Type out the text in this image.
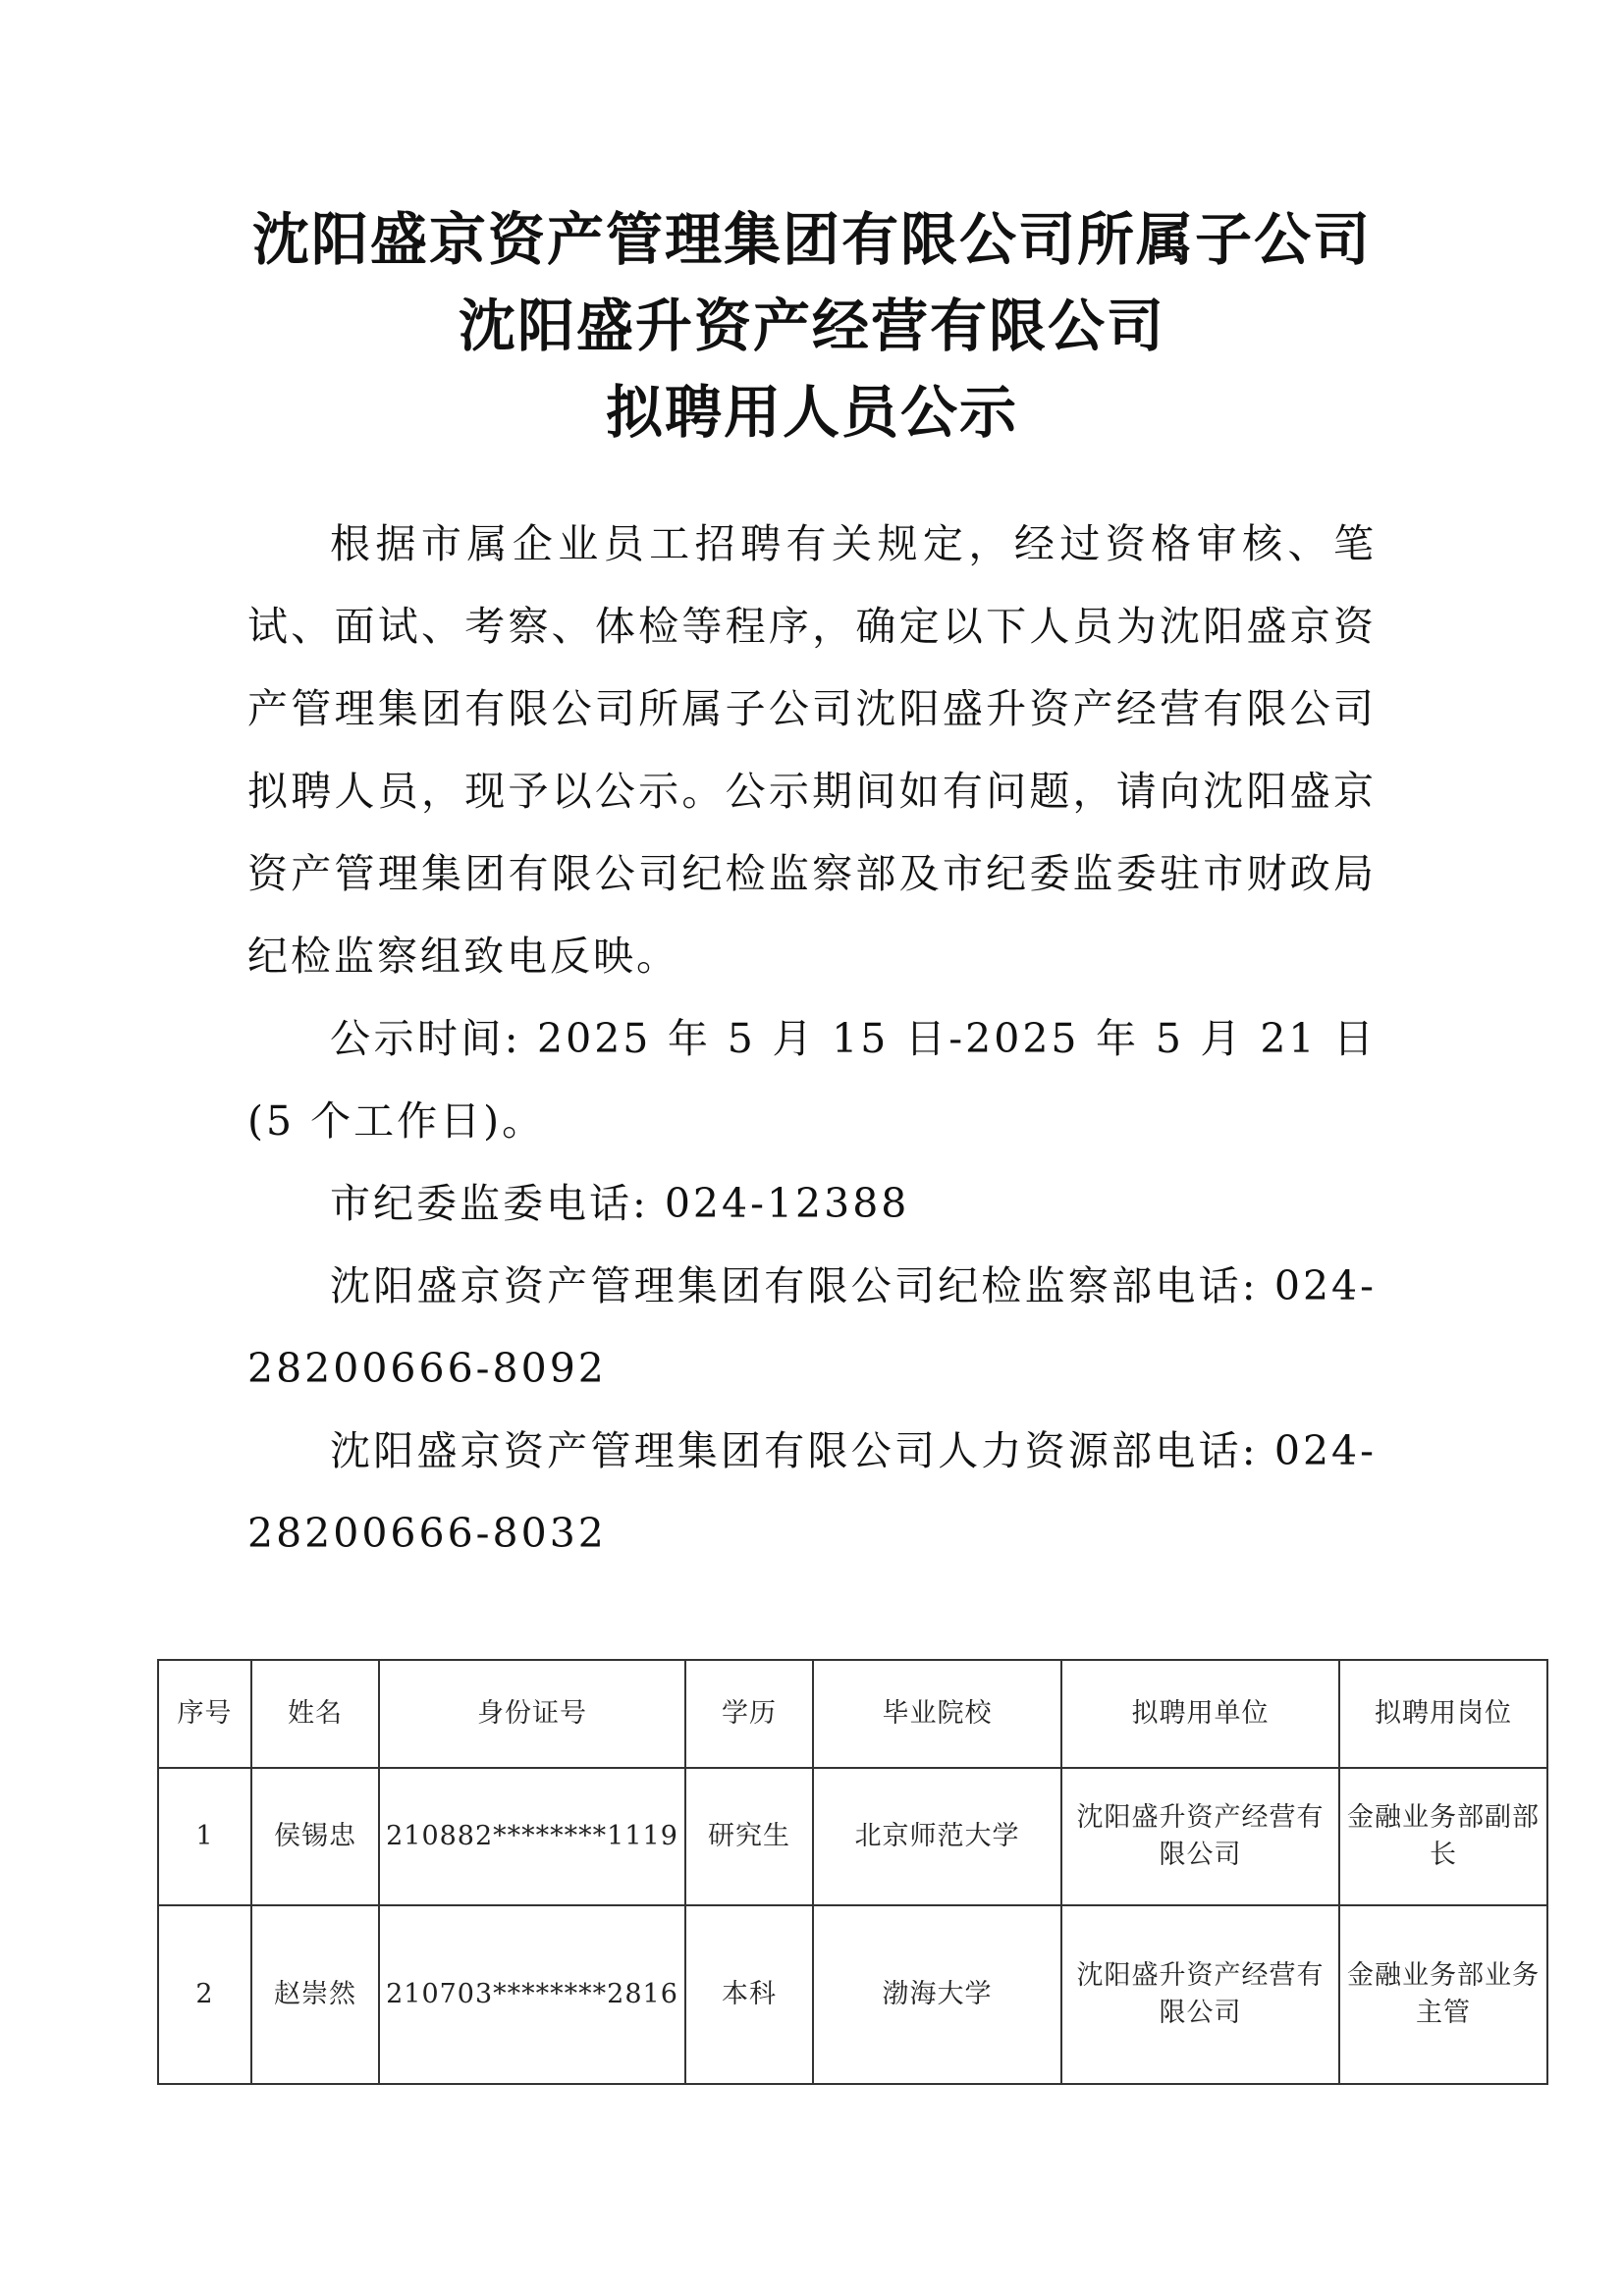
沈阳盛京资产管理集团有限公司所属子公司
沈阳盛升资产经营有限公司
拟聘用人员公示

根据市属企业员工招聘有关规定，经过资格审核、笔试、面试、考察、体检等程序，确定以下人员为沈阳盛京资产管理集团有限公司所属子公司沈阳盛升资产经营有限公司拟聘人员，现予以公示。公示期间如有问题，请向沈阳盛京资产管理集团有限公司纪检监察部及市纪委监委驻市财政局纪检监察组致电反映。

公示时间: 2025 年 5 月 15 日-2025 年 5 月 21 日 (5 个工作日)。

市纪委监委电话: 024-12388

沈阳盛京资产管理集团有限公司纪检监察部电话: 024-28200666-8092

沈阳盛京资产管理集团有限公司人力资源部电话: 024-28200666-8032

序号	姓名	身份证号	学历	毕业院校	拟聘用单位	拟聘用岗位
1	侯锡忠	210882********1119	研究生	北京师范大学	沈阳盛升资产经营有限公司	金融业务部副部长
2	赵崇然	210703********2816	本科	渤海大学	沈阳盛升资产经营有限公司	金融业务部业务主管
